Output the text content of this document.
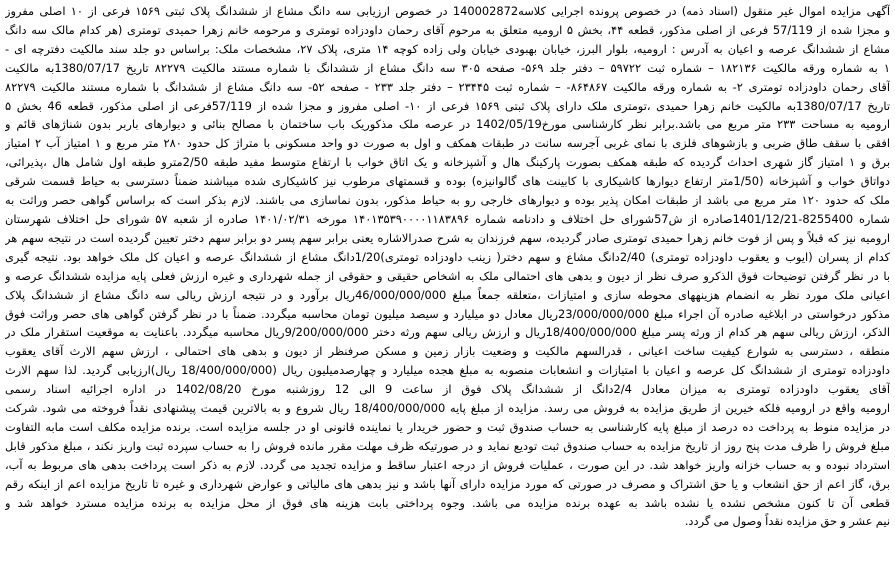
آگهی مزایده اموال غیر منقول (اسناد ذمه) در خصوص پرونده اجرایی کلاسه140002872 در خصوص ارزیابی سه دانگ مشاع از ششدانگ پلاک ثبتی ۱۵۶۹ فرعی از ۱۰ اصلی مفروز
و مجزا شده از 57/119 فرعی از اصلی مذکور، قطعه ۴۴، بخش ۵ ارومیه متعلق به مرحوم آقای رحمان داودزاده تومتری و مرحومه خانم زهرا حمیدی تومتری (هر کدام مالک سه دانگ
مشاع از ششدانگ عرصه و اعیان به آدرس : ارومیه، بلوار البرز، خیابان بهبودی خیابان ولی زاده کوچه ۱۴ متری، پلاک ۲۷، مشخصات ملک: براساس دو جلد سند مالکیت دفترچه ای -
۱ به شماره ورقه مالکیت ۱۸۲۱۳۶ – شماره ثبت ۵۹۷۲۲ – دفتر جلد ۵۶۹- صفحه ۳۰۵ سه دانگ مشاع از ششدانگ با شماره مستند مالکیت ۸۲۲۷۹ تاریخ 1380/07/17به مالکیت
آقای رحمان داودزاده تومتری ۲- به شماره ورقه مالکیت ۸۶۴۸۶۷- – شماره ثبت ۲۳۴۴۵ – دفتر جلد ۲۳۳ - صفحه ۵۲- سه دانگ مشاع از ششدانگ با شماره مستند مالکیت ۸۲۲۷۹
تاریخ 1380/07/17به مالکیت خانم زهرا حمیدی ،تومتری ملک دارای پلاک ثبتی ۱۵۶۹ فرعی از ۱۰- اصلی مفروز و مجزا شده از 57/119فرعی از اصلی مذکور، قطعه 46 بخش ۵
ارومیه به مساحت ۲۳۳ متر مربع می باشد.برابر نظر کارشناسی مورخ1402/05/19 در عرصه ملک مذکوریک باب ساختمان با مصالح بنائی و دیوارهای باربر بدون شناژهای قائم و
افقی با سقف طاق ضربی و بازشوهای فلزی با نمای غربی آجرسه سانت در طبقات همکف و اول به صورت دو واحد مسکونی با متراژ کل حدود ۲۸۰ متر مربع و ۱ امتیاز آب ۲ امتیاز
برق و ۱ امتیاز گاز شهری احداث گردیده که طبقه همکف بصورت پارکینگ هال و آشپزخانه و یک اتاق خواب با ارتفاع متوسط مفید طبقه 2/50مترو طبقه اول شامل هال ،پذیرائی،
دواتاق خواب و آشپزخانه (1/50متر ارتفاع دیوارها کاشیکاری با کابینت های گالوانیزه) بوده و قسمتهای مرطوب نیز کاشیکاری شده میباشند ضمناً دسترسی به حیاط قسمت شرقی
ملک که حدود ۱۲۰ متر مربع می باشد از طبقات امکان پذیر بوده و دیوارهای خارجی رو به حیاط مذکور، بدون نماسازی می باشند. لازم بذکر است که براساس گواهی حصر وراثت به
شماره 8255400-1401/12/21صادره از ش57شورای حل اختلاف و دادنامه شماره ۱۴۰۱۳۵۳۹۰۰۰۰۱۱۸۳۸۹۶ مورخه ۱۴۰۱/۰۲/۳۱ صادره از شعبه ۵۷ شورای حل اختلاف شهرستان
ارومیه نیز که قبلاً و پس از فوت خانم زهرا حمیدی تومتری صادر گردیده، سهم فرزندان به شرح صدرالاشاره یعنی برابر سهم پسر دو برابر سهم دختر تعیین گردیده است در نتیجه سهم هر
کدام از پسران (ایوب و یعقوب داودزاده تومتری) 2/40دانگ مشاع و سهم دختر( زینب داودزاده تومتری)1/20دانگ مشاع از ششدانگ عرصه و اعیان کل ملک خواهد بود. نتیجه گیری
با در نظر گرفتن توضیحات فوق الذکرو صرف نظر از دیون و بدهی های احتمالی ملک به اشخاص حقیقی و حقوقی از جمله شهرداری و غیره ارزش فعلی پایه مزایده ششدانگ عرصه و
اعیانی ملک مورد نظر به انضمام هزینههای محوطه سازی و امتیازات ،متعلقه جمعاً مبلغ 46/000/000/000ریال برآورد و در نتیجه ارزش ریالی سه دانگ مشاع از ششدانگ پلاک
مذکور درخواستی در ابلاغیه صادره آن اجراء مبلغ 23/000/000/000ریال معادل دو میلیارد و سیصد میلیون تومان محاسبه میگردد. ضمناً با در نظر گرفتن گواهی های حصر وراثت فوق
الذکر، ارزش ریالی سهم هر کدام از ورثه پسر مبلغ 18/400/000/000ریال و ارزش ریالی سهم ورثه دختر 9/200/000/000ریال محاسبه میگردد. باعنایت به موقعیت استقرار ملک در
منطقه ، دسترسی به شوارع کیفیت ساخت اعیانی ، قدرالسهم مالکیت و وضعیت بازار زمین و مسکن صرفنظر از دیون و بدهی های احتمالی ، ارزش سهم الارث آقای یعقوب
داودزاده تومتری از ششدانگ کل عرصه و اعیان با امتیازات و انشعابات منصوبه به مبلغ هجده میلیارد و چهارصدمیلیون ریال (18/400/000/000 ریال)ارزیابی گردید. لذا سهم الارث
آقای یعقوب داودزاده تومتری به میزان معادل 2/4دانگ از ششدانگ پلاک فوق از ساعت 9 الی 12 روزشنبه مورخ 1402/08/20 در اداره اجرائیه اسناد رسمی
ارومیه واقع در ارومیه فلکه خیرین از طریق مزایده به فروش می رسد. مزایده از مبلغ پایه 18/400/000/000 ریال شروع و به بالاترین قیمت پیشنهادی نقداً فروخته می شود. شرکت
در مزایده منوط به پرداخت ده درصد از مبلغ پایه کارشناسی به حساب صندوق ثبت و حضور خریدار یا نماینده قانونی او در جلسه مزایده است. برنده مزایده مکلف است مابه التفاوت
مبلغ فروش را ظرف مدت پنج روز از تاریخ مزایده به حساب صندوق ثبت تودیع نماید و در صورتیکه ظرف مهلت مقرر مانده فروش را به حساب سپرده ثبت واریز نکند ، مبلغ مذکور قابل
استرداد نبوده و به حساب خزانه واریز خواهد شد. در این صورت ، عملیات فروش از درجه اعتبار ساقط و مزایده تجدید می گردد. لازم به ذکر است پرداخت بدهی های مربوط به آب،
برق، گاز اعم از حق انشعاب و یا حق اشتراک و مصرف در صورتی که مورد مزایده دارای آنها باشد و نیز بدهی های مالیاتی و عوارض شهرداری و غیره تا تاریخ مزایده اعم از اینکه رقم
قطعی آن تا کنون مشخص نشده یا نشده باشد به عهده برنده مزایده می باشد. وجوه پرداختی بابت هزینه های فوق از محل مزایده به برنده مزایده مسترد خواهد شد و
نیم عشر و حق مزایده نقداً وصول می گردد.
